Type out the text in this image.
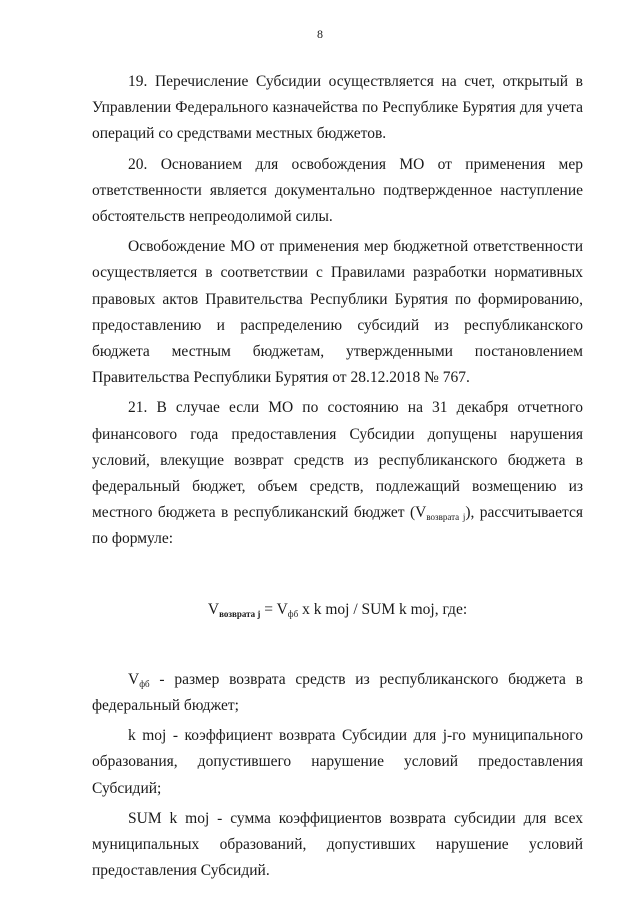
8

19. Перечисление Субсидии осуществляется на счет, открытый в Управлении Федерального казначейства по Республике Бурятия для учета операций со средствами местных бюджетов.

20. Основанием для освобождения МО от применения мер ответственности является документально подтвержденное наступление обстоятельств непреодолимой силы.

Освобождение МО от применения мер бюджетной ответственности осуществляется в соответствии с Правилами разработки нормативных правовых актов Правительства Республики Бурятия по формированию, предоставлению и распределению субсидий из республиканского бюджета местным бюджетам, утвержденными постановлением Правительства Республики Бурятия от 28.12.2018 № 767.

21. В случае если МО по состоянию на 31 декабря отчетного финансового года предоставления Субсидии допущены нарушения условий, влекущие возврат средств из республиканского бюджета в федеральный бюджет, объем средств, подлежащий возмещению из местного бюджета в республиканский бюджет $(V_{возврата j})$, рассчитывается по формуле:

$V_{возврата j} = V_{фб}$ x k moj / SUM k moj, где:

$V_{фб}$ - размер возврата средств из республиканского бюджета в федеральный бюджет;

k moj - коэффициент возврата Субсидии для j-го муниципального образования, допустившего нарушение условий предоставления Субсидий;

SUM k moj - сумма коэффициентов возврата субсидии для всех муниципальных образований, допустивших нарушение условий предоставления Субсидий.
